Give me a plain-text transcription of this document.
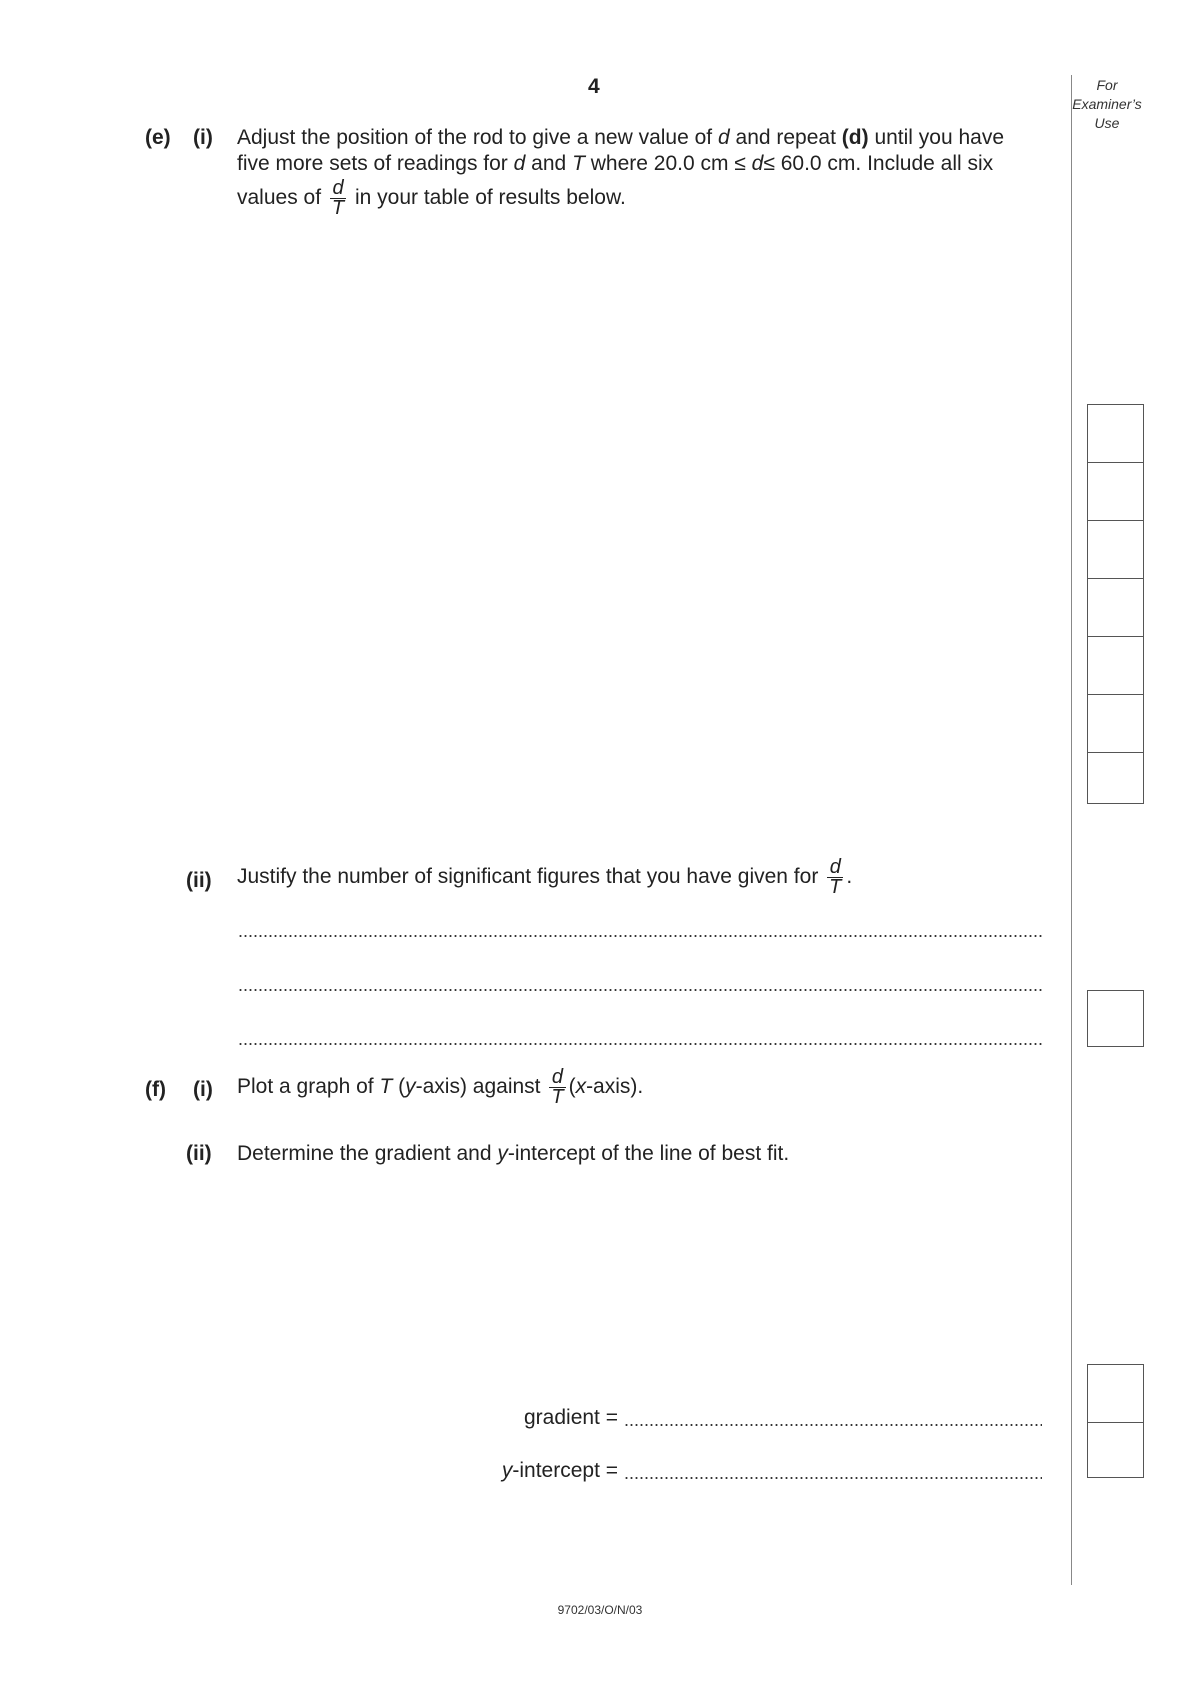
4	For
Examiner’s
Use
(e) (i) Adjust the position of the rod to give a new value of d and repeat (d) until you have
five more sets of readings for d and T where 20.0 cm ≤ d≤ 60.0 cm. Include all six
values of $\frac{d}{T}$ in your table of results below.
(ii) Justify the number of significant figures that you have given for $\frac{d}{T}$ .
(f) (i) Plot a graph of T (y-axis) against $\frac{d}{T}$ (x-axis).
(ii) Determine the gradient and y-intercept of the line of best fit.
gradient =
y-intercept =
9702/03/O/N/03
